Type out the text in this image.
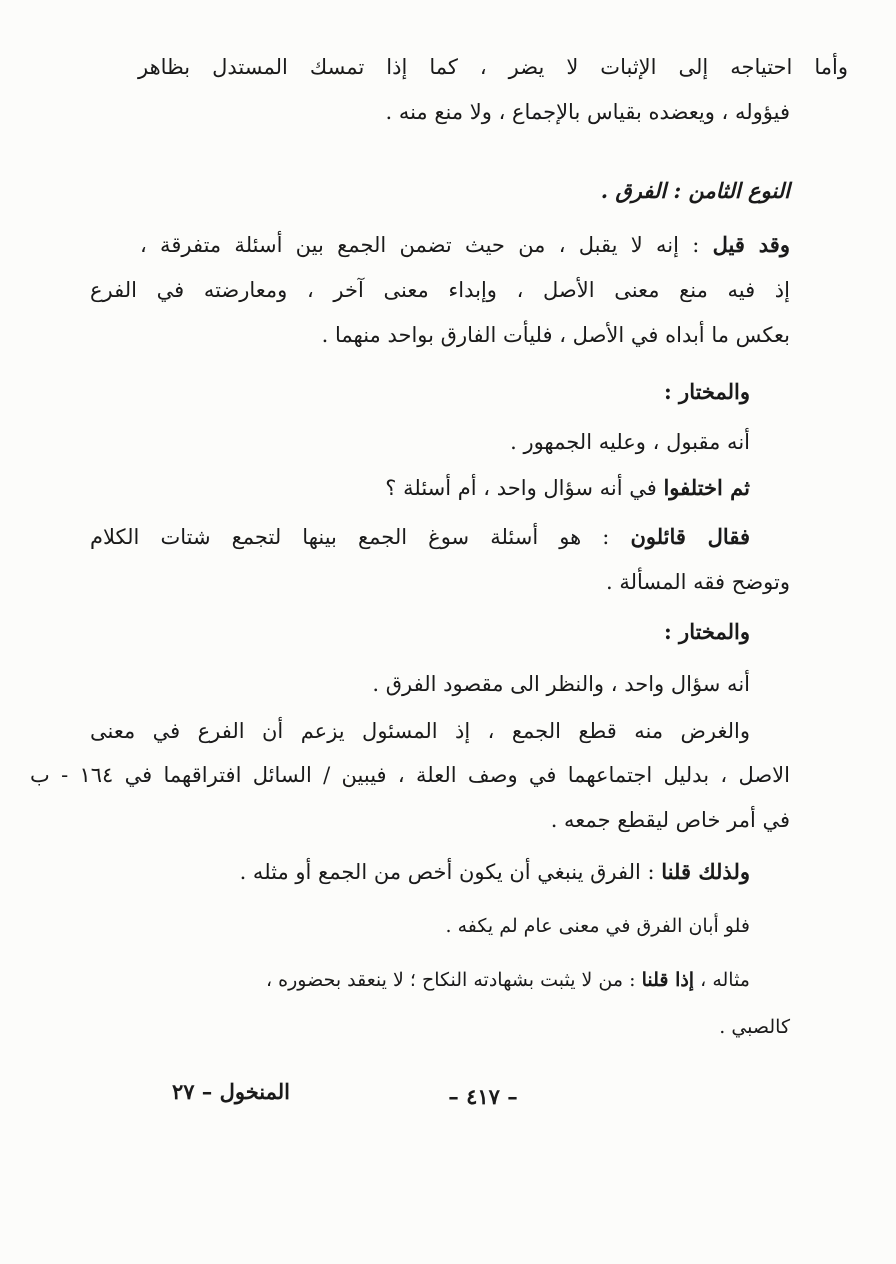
وأما احتياجه إلى الإثبات لا يضر ، كما إذا تمسك المستدل بظاهر
فيؤوله ، ويعضده بقياس بالإجماع ، ولا منع منه .
النوع الثامن : الفرق .
وقد قيل : إنه لا يقبل ، من حيث تضمن الجمع بين أسئلة متفرقة ،
إذ فيه منع معنى الأصل ، وإبداء معنى آخر ، ومعارضته في الفرع
بعكس ما أبداه في الأصل ، فليأت الفارق بواحد منهما .
والمختار :
أنه مقبول ، وعليه الجمهور .
ثم اختلفوا في أنه سؤال واحد ، أم أسئلة ؟
فقال قائلون : هو أسئلة سوغ الجمع بينها لتجمع شتات الكلام
وتوضح فقه المسألة .
والمختار :
أنه سؤال واحد ، والنظر الى مقصود الفرق .
والغرض منه قطع الجمع ، إذ المسئول يزعم أن الفرع في معنى
الاصل ، بدليل اجتماعهما في وصف العلة ، فيبين / السائل افتراقهما في ١٦٤ - ب
في أمر خاص ليقطع جمعه .
ولذلك قلنا : الفرق ينبغي أن يكون أخص من الجمع أو مثله .
فلو أبان الفرق في معنى عام لم يكفه .
مثاله ، إذا قلنا : من لا يثبت بشهادته النكاح ؛ لا ينعقد بحضوره ،
كالصبي .
– ٤١٧ –
المنخول – ٢٧
